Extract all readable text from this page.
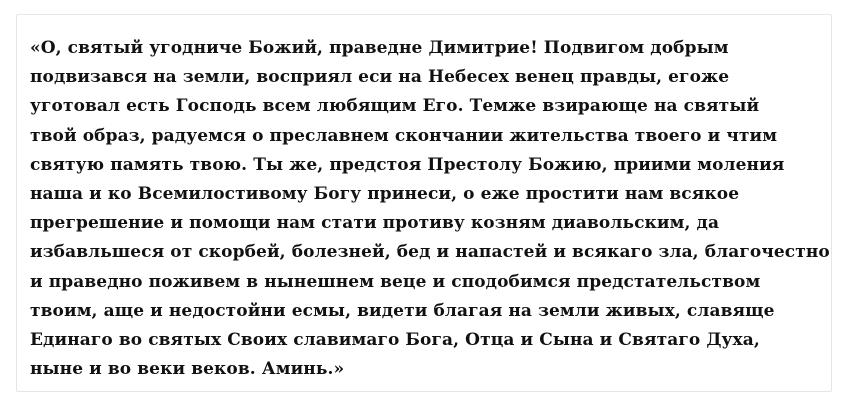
«О, святый угодниче Божий, праведне Димитрие! Подвигом добрым
подвизався на земли, восприял еси на Небесех венец правды, егоже
уготовал есть Господь всем любящим Его. Темже взирающе на святый
твой образ, радуемся о преславнем скончании жительства твоего и чтим
святую память твою. Ты же, предстоя Престолу Божию, приими моления
наша и ко Всемилостивому Богу принеси, о еже простити нам всякое
прегрешение и помощи нам стати противу козням диавольским, да
избавльшеся от скорбей, болезней, бед и напастей и всякаго зла, благочестно
и праведно поживем в нынешнем веце и сподобимся предстательством
твоим, аще и недостойни есмы, видети благая на земли живых, славяще
Единаго во святых Своих славимаго Бога, Отца и Сына и Святаго Духа,
ныне и во веки веков. Аминь.»
